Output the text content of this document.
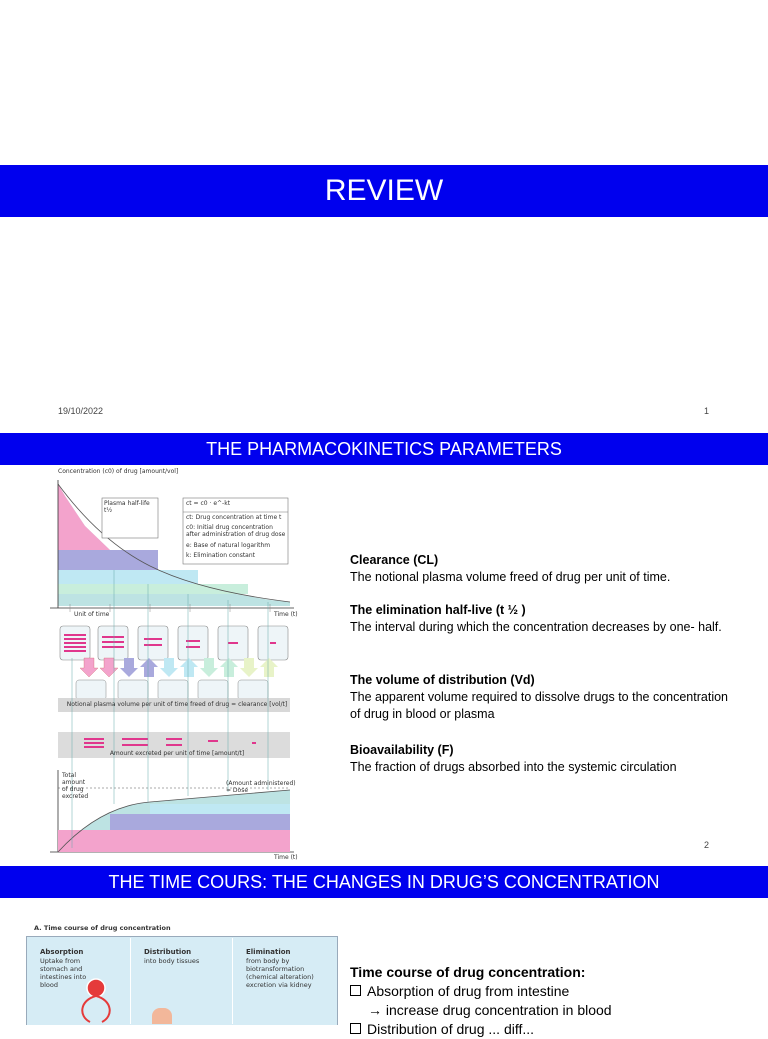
REVIEW
19/10/2022	1
THE PHARMACOKINETICS PARAMETERS
Concentration (c0) of drug [amount/vol]
Plasma half-life t½
ct = c0 · e^-kt
ct: Drug concentration at time t
c0: Initial drug concentration after administration of drug dose
e: Base of natural logarithm
k: Elimination constant
Unit of time	Time (t)
Notional plasma volume per unit of time freed of drug = clearance [vol/t]
Amount excreted per unit of time [amount/t]
Total amount of drug excreted
(Amount administered) = Dose
Time (t)
Clearance (CL)
The notional plasma volume freed of drug per unit of time.
The elimination half-live (t ½ )
The interval during which the concentration decreases by one- half.
The volume of distribution (Vd)
The apparent volume required to dissolve drugs to the concentration of drug in blood or plasma
Bioavailability (F)
The fraction of drugs absorbed into the systemic circulation
2
THE TIME COURS: THE CHANGES IN DRUG’S CONCENTRATION
A. Time course of drug concentration
Absorption
Uptake from stomach and intestines into blood
Distribution
into body tissues
Elimination
from body by biotransformation (chemical alteration) excretion via kidney
Time course of drug concentration:
Absorption of drug from intestine
→ increase drug concentration in blood
Distribution of drug ... diff...
